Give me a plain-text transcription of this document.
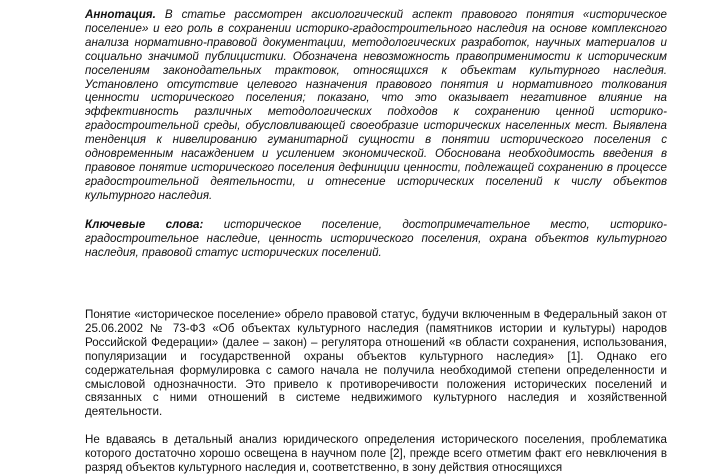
Аннотация. В статье рассмотрен аксиологический аспект правового понятия «историческое поселение» и его роль в сохранении историко-градостроительного наследия на основе комплексного анализа нормативно-правовой документации, методологических разработок, научных материалов и социально значимой публицистики. Обозначена невозможность правоприменимости к историческим поселениям законодательных трактовок, относящихся к объектам культурного наследия. Установлено отсутствие целевого назначения правового понятия и нормативного толкования ценности исторического поселения; показано, что это оказывает негативное влияние на эффективность различных методологических подходов к сохранению ценной историко-градостроительной среды, обусловливающей своеобразие исторических населенных мест. Выявлена тенденция к нивелированию гуманитарной сущности в понятии исторического поселения с одновременным насаждением и усилением экономической. Обоснована необходимость введения в правовое понятие исторического поселения дефиниции ценности, подлежащей сохранению в процессе градостроительной деятельности, и отнесение исторических поселений к числу объектов культурного наследия.

Ключевые слова: историческое поселение, достопримечательное место, историко-градостроительное наследие, ценность исторического поселения, охрана объектов культурного наследия, правовой статус исторических поселений.

Понятие «историческое поселение» обрело правовой статус, будучи включенным в Федеральный закон от 25.06.2002 № 73-ФЗ «Об объектах культурного наследия (памятников истории и культуры) народов Российской Федерации» (далее – закон) – регулятора отношений «в области сохранения, использования, популяризации и государственной охраны объектов культурного наследия» [1]. Однако его содержательная формулировка с самого начала не получила необходимой степени определенности и смысловой однозначности. Это привело к противоречивости положения исторических поселений и связанных с ними отношений в системе недвижимого культурного наследия и хозяйственной деятельности.

Не вдаваясь в детальный анализ юридического определения исторического поселения, проблематика которого достаточно хорошо освещена в научном поле [2], прежде всего отметим факт его невключения в разряд объектов культурного наследия и, соответственно, в зону действия относящихся
